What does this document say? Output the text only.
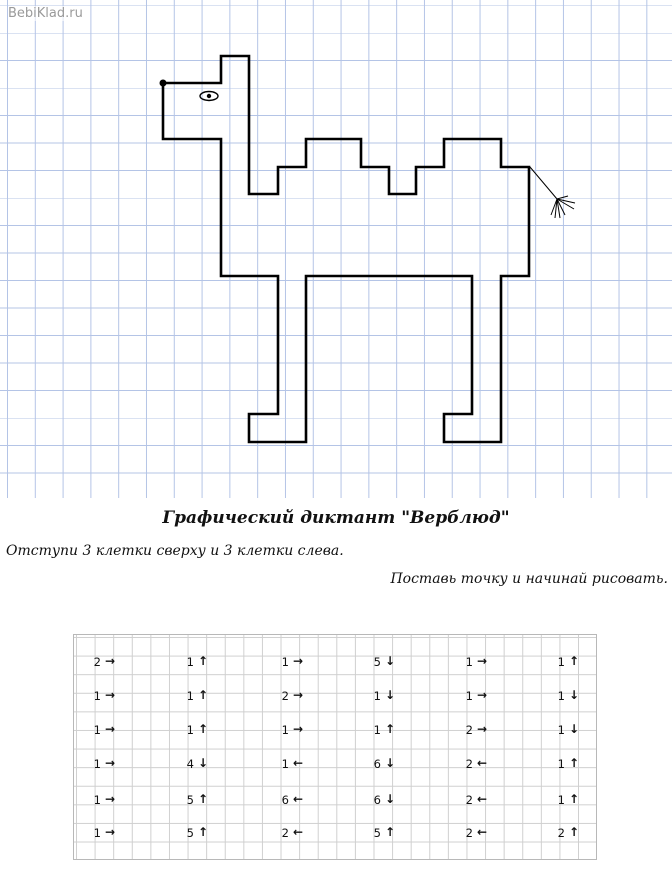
BebiKlad.ru
Графический диктант "Верблюд"
Отступи 3 клетки сверху и 3 клетки слева.
Поставь точку и начинай рисовать.
2 →
1 →
1 →
1 →
1 →
1 →
1 ↑
1 ↑
1 ↑
4 ↓
5 ↑
5 ↑
1 →
2 →
1 →
1 ←
6 ←
2 ←
5 ↓
1 ↓
1 ↑
6 ↓
6 ↓
5 ↑
1 →
1 →
2 →
2 ←
2 ←
2 ←
1 ↑
1 ↓
1 ↓
1 ↑
1 ↑
2 ↑
